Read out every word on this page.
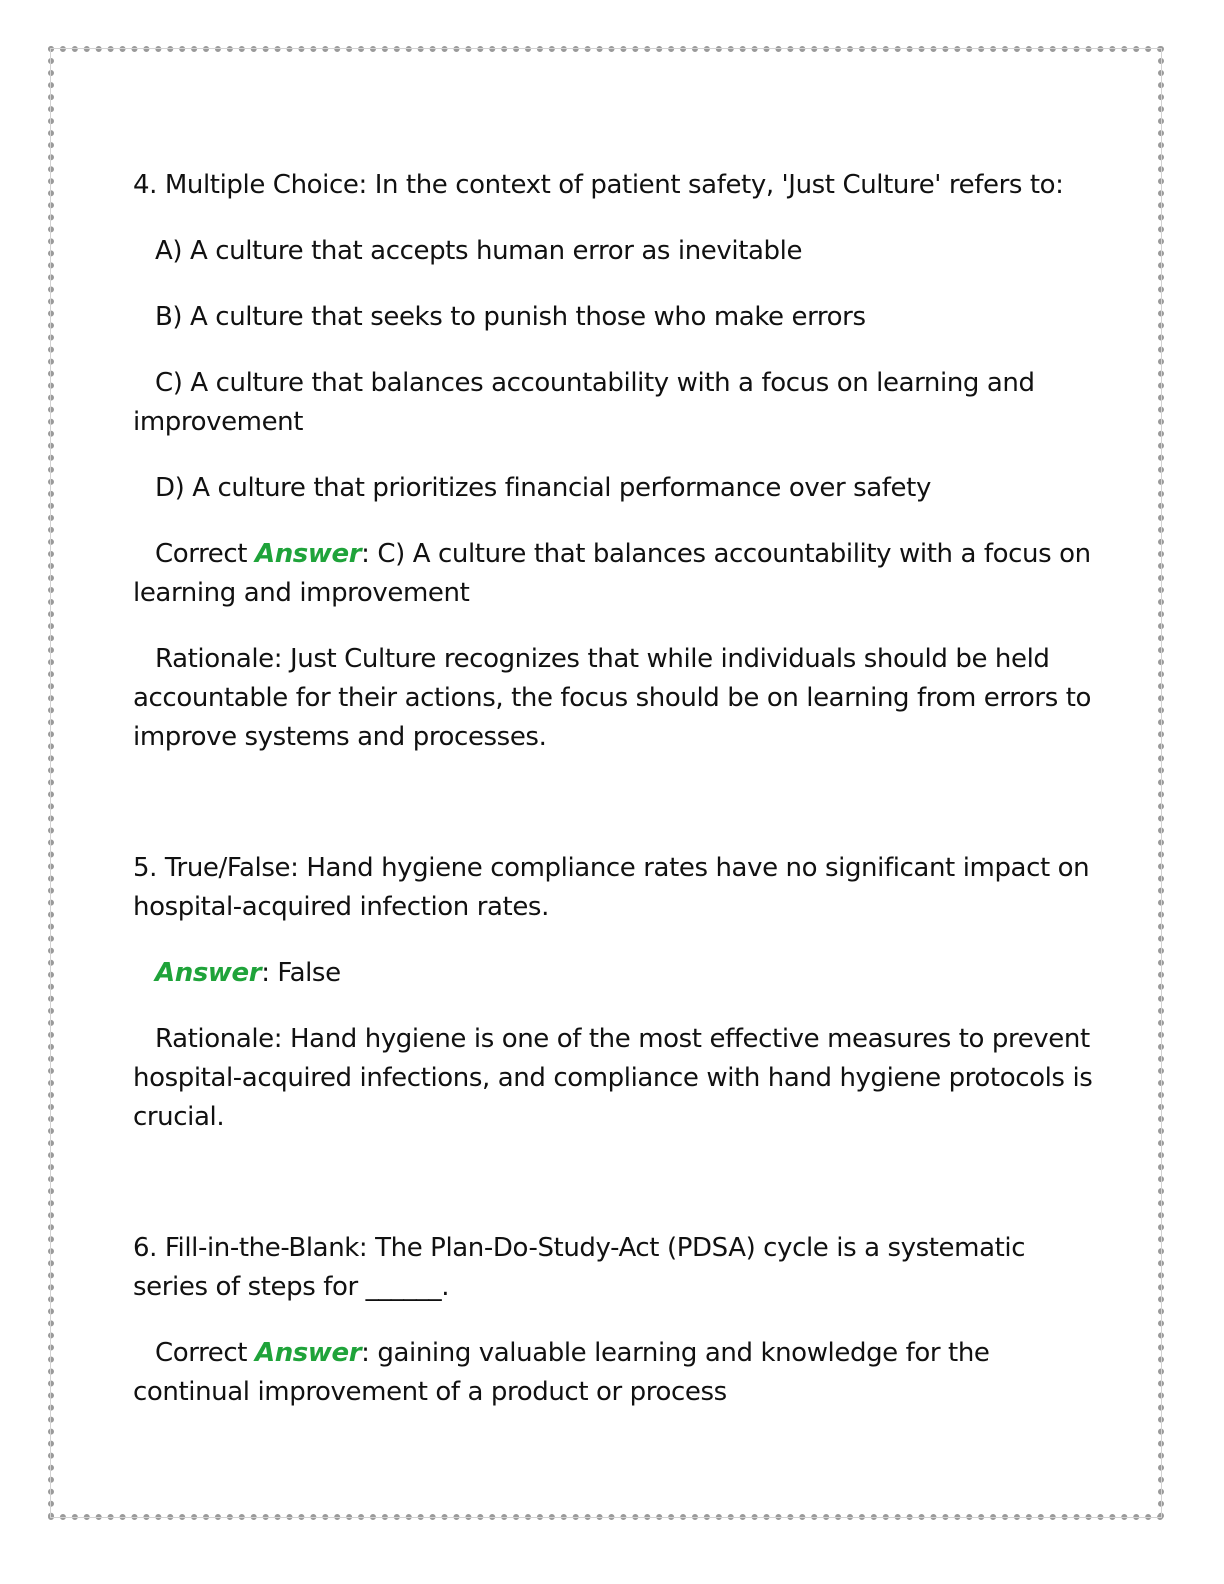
4. Multiple Choice: In the context of patient safety, 'Just Culture' refers to:

A) A culture that accepts human error as inevitable

B) A culture that seeks to punish those who make errors

C) A culture that balances accountability with a focus on learning and improvement

D) A culture that prioritizes financial performance over safety

Correct Answer: C) A culture that balances accountability with a focus on learning and improvement

Rationale: Just Culture recognizes that while individuals should be held accountable for their actions, the focus should be on learning from errors to improve systems and processes.

5. True/False: Hand hygiene compliance rates have no significant impact on hospital-acquired infection rates.

Answer: False

Rationale: Hand hygiene is one of the most effective measures to prevent hospital-acquired infections, and compliance with hand hygiene protocols is crucial.

6. Fill-in-the-Blank: The Plan-Do-Study-Act (PDSA) cycle is a systematic series of steps for ______.

Correct Answer: gaining valuable learning and knowledge for the continual improvement of a product or process
